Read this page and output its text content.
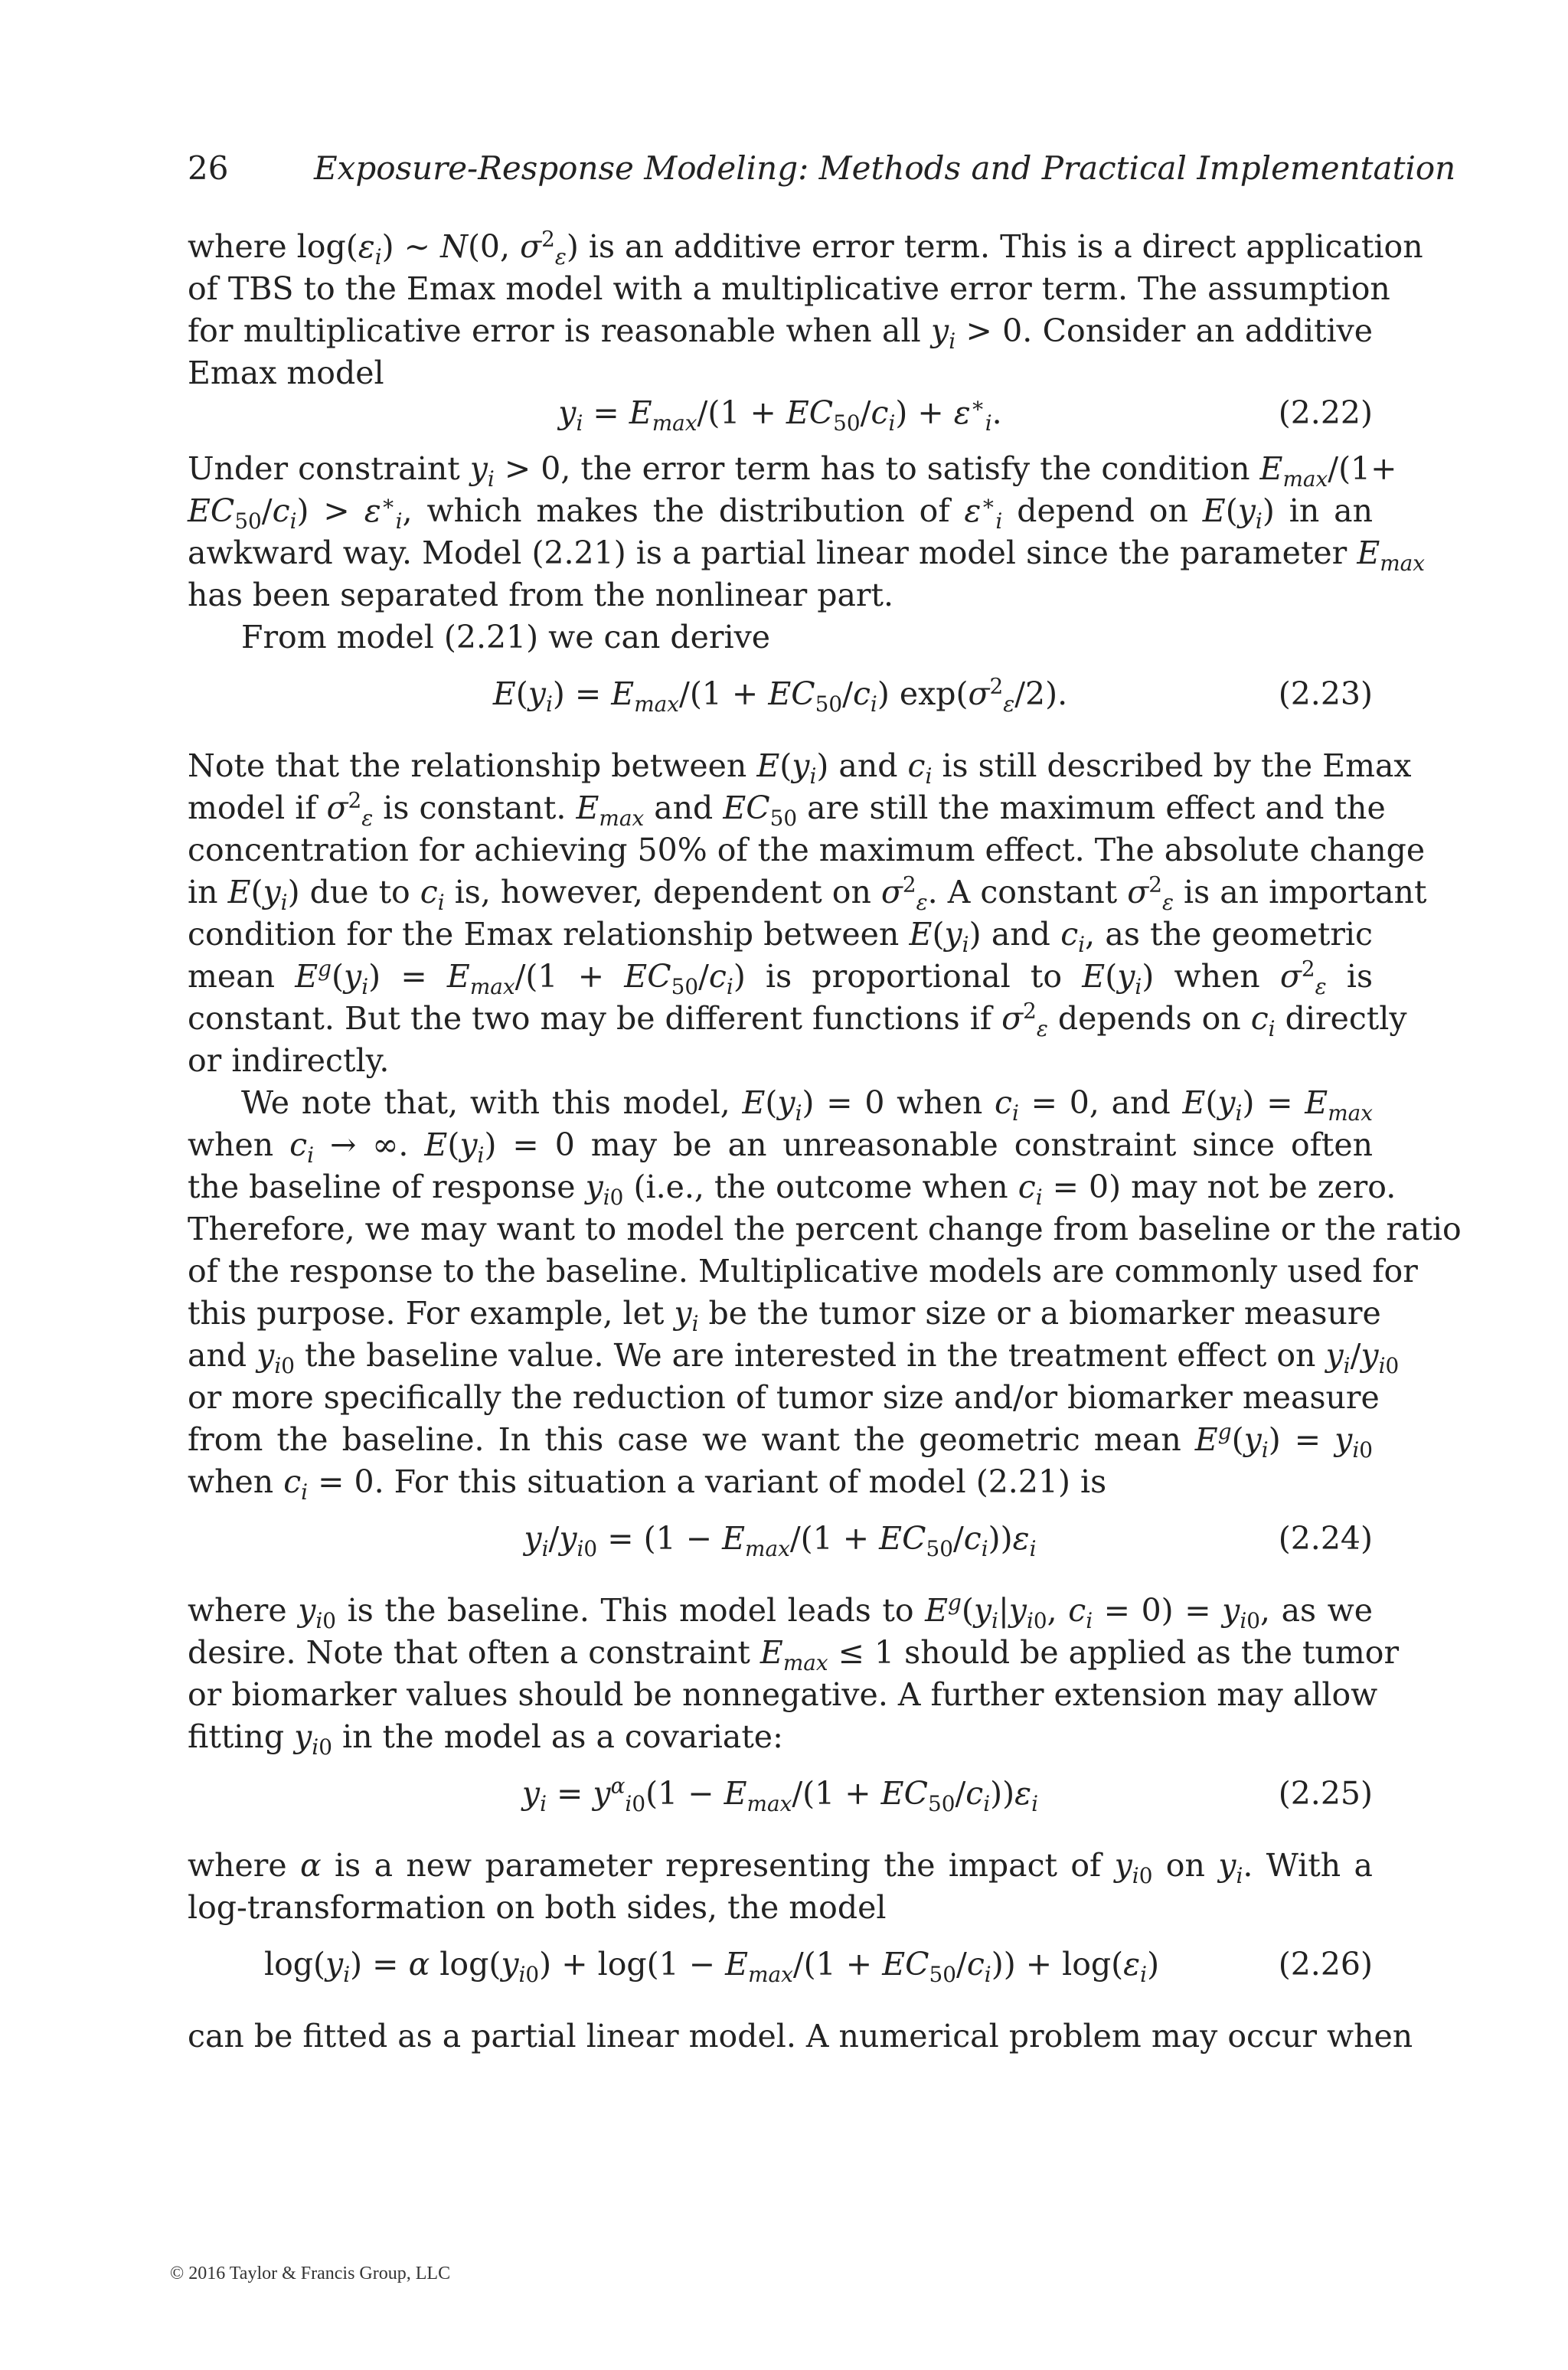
26	Exposure-Response Modeling: Methods and Practical Implementation
where $\log(\varepsilon_i)$ ∼ N(0, $\sigma^2_\varepsilon$) is an additive error term. This is a direct application
of TBS to the Emax model with a multiplicative error term. The assumption
for multiplicative error is reasonable when all $y_i > 0$. Consider an additive
Emax model
$y_i = E_{max}/(1 + EC_{50}/c_i) + \varepsilon^∗_i$.	(2.22)
Under constraint $y_i > 0$, the error term has to satisfy the condition $E_{max}/(1+$
$EC_{50}/c_i) > \varepsilon^∗_i$, which makes the distribution of $\varepsilon^∗_i$ depend on $E(y_i)$ in an
awkward way. Model (2.21) is a partial linear model since the parameter $E_{max}$
has been separated from the nonlinear part.
From model (2.21) we can derive
$E(y_i) = E_{max}/(1 + EC_{50}/c_i)$ $\exp(\sigma^2_\varepsilon/2)$.	(2.23)
Note that the relationship between $E(y_i)$ and $c_i$ is still described by the Emax
model if $\sigma^2_\varepsilon$ is constant. $E_{max}$ and $EC_{50}$ are still the maximum effect and the
concentration for achieving 50% of the maximum effect. The absolute change
in $E(y_i)$ due to $c_i$ is, however, dependent on $\sigma^2_\varepsilon$. A constant $\sigma^2_\varepsilon$ is an important
condition for the Emax relationship between $E(y_i)$ and $c_i$, as the geometric
mean $E^g(y_i) = E_{max}/(1 + EC_{50}/c_i)$ is proportional to $E(y_i)$ when $\sigma^2_\varepsilon$ is
constant. But the two may be different functions if $\sigma^2_\varepsilon$ depends on $c_i$ directly
or indirectly.
We note that, with this model, $E(y_i) = 0$ when $c_i = 0$, and $E(y_i) = E_{max}$
when $c_i$ → ∞. $E(y_i) = 0$ may be an unreasonable constraint since often
the baseline of response $y_{i0}$ (i.e., the outcome when $c_i = 0$) may not be zero.
Therefore, we may want to model the percent change from baseline or the ratio
of the response to the baseline. Multiplicative models are commonly used for
this purpose. For example, let $y_i$ be the tumor size or a biomarker measure
and $y_{i0}$ the baseline value. We are interested in the treatment effect on $y_i/y_{i0}$
or more specifically the reduction of tumor size and/or biomarker measure
from the baseline. In this case we want the geometric mean $E^g(y_i) = y_{i0}$
when $c_i = 0$. For this situation a variant of model (2.21) is
$y_i/y_{i0} = (1 - E_{max}/(1 + EC_{50}/c_i))\varepsilon_i$	(2.24)
where $y_{i0}$ is the baseline. This model leads to $E^g(y_i|y_{i0}$, $c_i = 0) = y_{i0}$, as we
desire. Note that often a constraint $E_{max} \le 1$ should be applied as the tumor
or biomarker values should be nonnegative. A further extension may allow
fitting $y_{i0}$ in the model as a covariate:
$y_i = y^\alpha_{i0}(1 - E_{max}/(1 + EC_{50}/c_i))\varepsilon_i$	(2.25)
where α is a new parameter representing the impact of $y_{i0}$ on $y_i$. With a
log-transformation on both sides, the model
$\log(y_i) = \alpha$ $\log(y_{i0}) + \log(1 - E_{max}/(1 + EC_{50}/c_i)) + \log(\varepsilon_i)$	(2.26)
can be fitted as a partial linear model. A numerical problem may occur when
© 2016 Taylor & Francis Group, LLC
